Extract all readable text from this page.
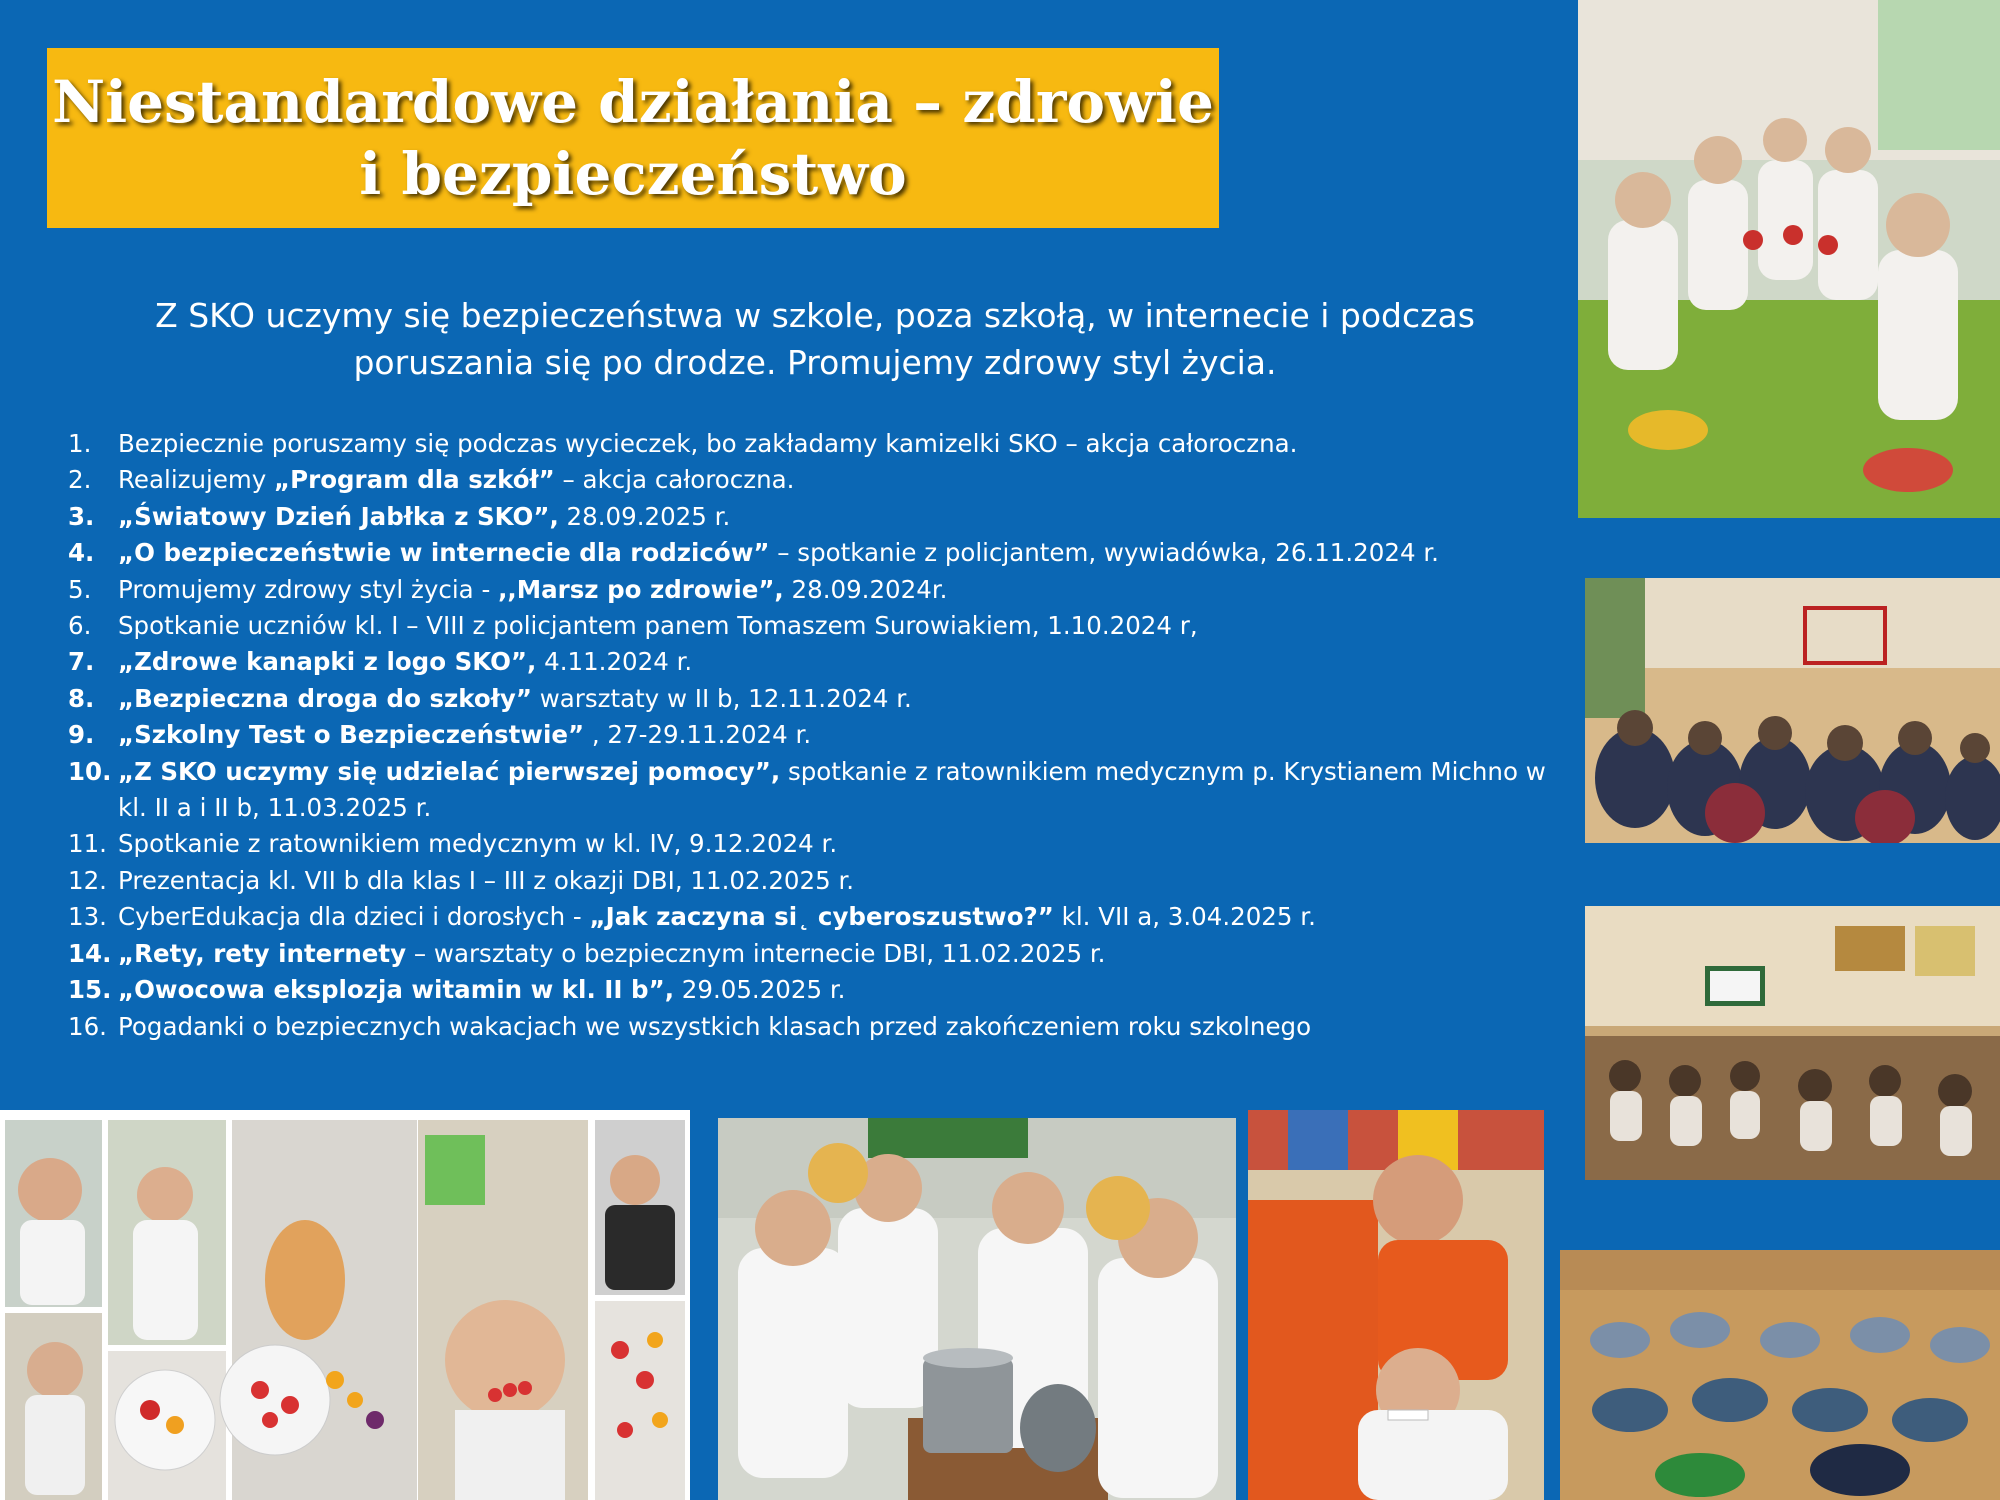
Niestandardowe działania – zdrowie
i bezpieczeństwo
Z SKO uczymy się bezpieczeństwa w szkole, poza szkołą, w internecie i podczas
poruszania się po drodze. Promujemy zdrowy styl życia.
1. Bezpiecznie poruszamy się podczas wycieczek, bo zakładamy kamizelki SKO – akcja całoroczna.
2. Realizujemy „Program dla szkół” – akcja całoroczna.
3. „Światowy Dzień Jabłka z SKO”, 28.09.2025 r.
4. „O bezpieczeństwie w internecie dla rodziców” – spotkanie z policjantem, wywiadówka, 26.11.2024 r.
5. Promujemy zdrowy styl życia - ,,Marsz po zdrowie”, 28.09.2024r.
6. Spotkanie uczniów kl. I – VIII z policjantem panem Tomaszem Surowiakiem, 1.10.2024 r,
7. „Zdrowe kanapki z logo SKO”, 4.11.2024 r.
8. „Bezpieczna droga do szkoły” warsztaty w II b, 12.11.2024 r.
9. „Szkolny Test o Bezpieczeństwie” , 27-29.11.2024 r.
10. „Z SKO uczymy się udzielać pierwszej pomocy”, spotkanie z ratownikiem medycznym p. Krystianem Michno w kl. II a i II b, 11.03.2025 r.
11. Spotkanie z ratownikiem medycznym w kl. IV, 9.12.2024 r.
12. Prezentacja kl. VII b dla klas I – III z okazji DBI, 11.02.2025 r.
13. CyberEdukacja dla dzieci i dorosłych - „Jak zaczyna si˛ cyberoszustwo?” kl. VII a, 3.04.2025 r.
14. „Rety, rety internety – warsztaty o bezpiecznym internecie DBI, 11.02.2025 r.
15. „Owocowa eksplozja witamin w kl. II b”, 29.05.2025 r.
16. Pogadanki o bezpiecznych wakacjach we wszystkich klasach przed zakończeniem roku szkolnego
